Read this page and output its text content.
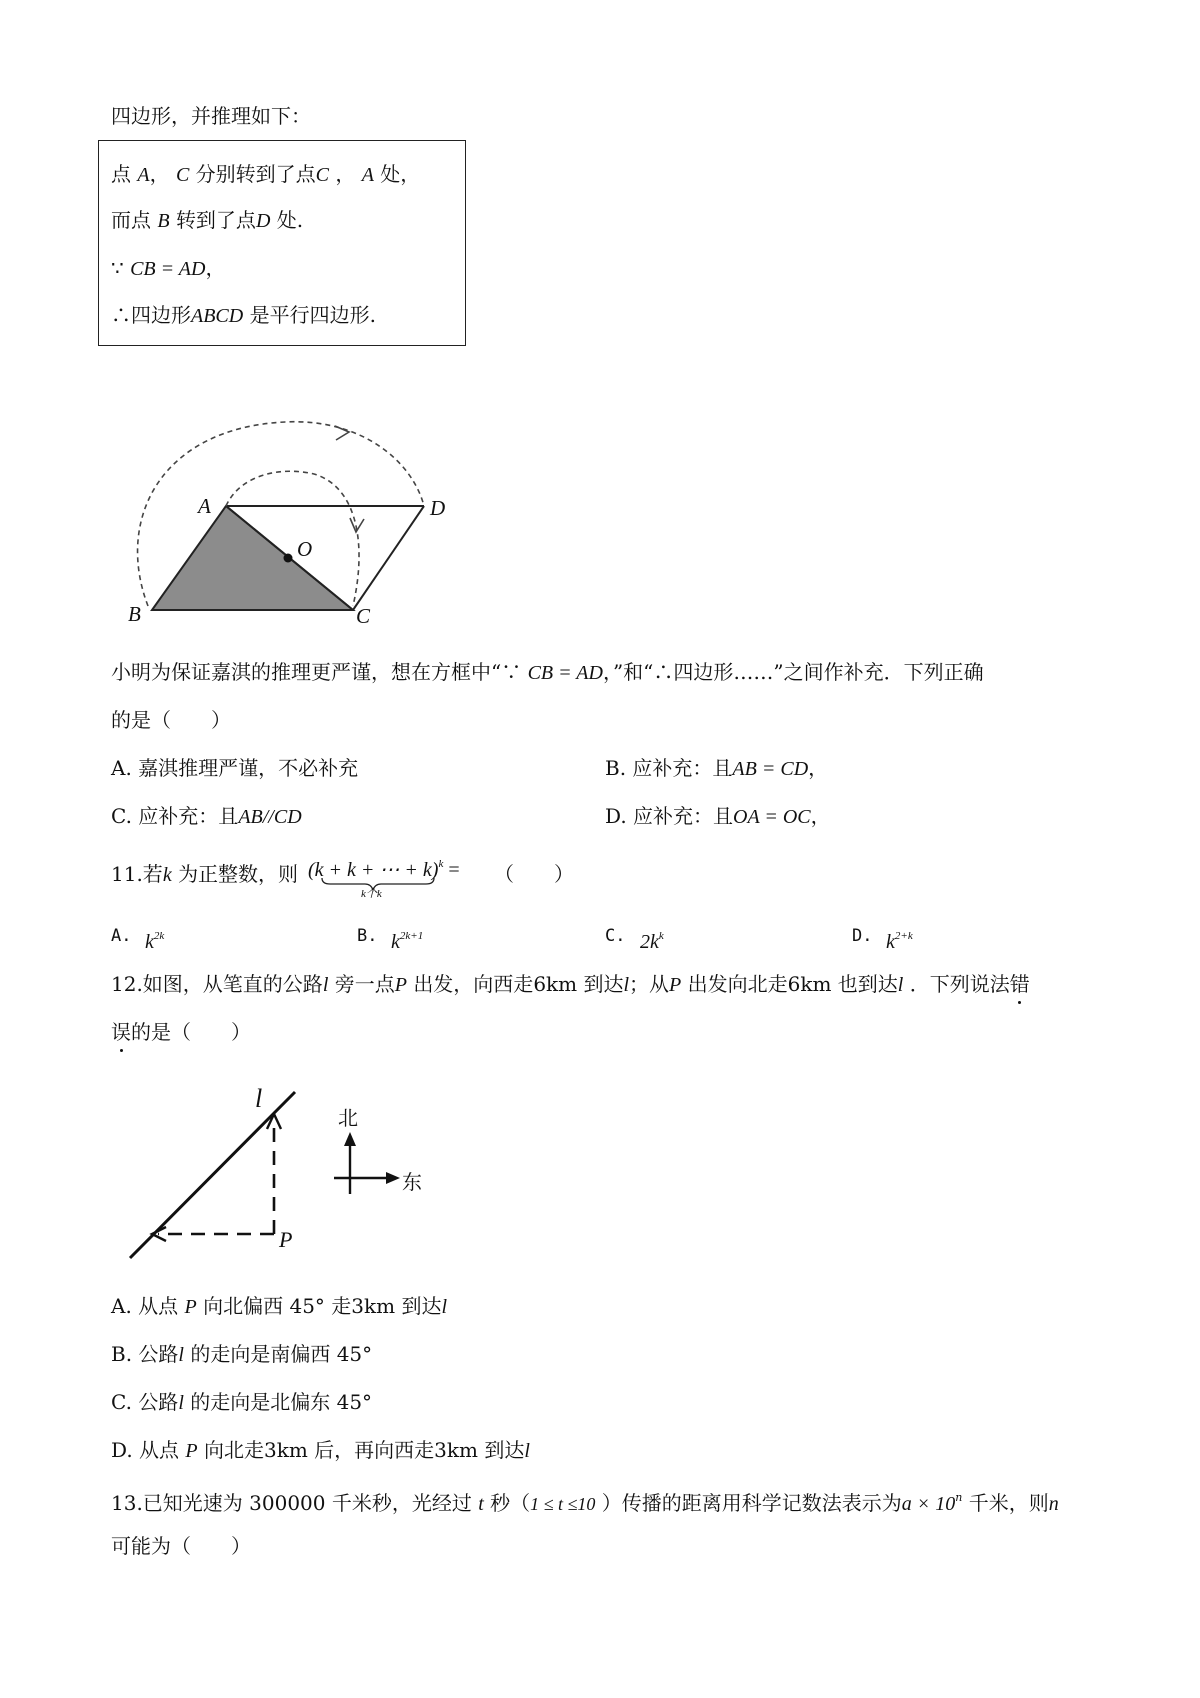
四边形，并推理如下：
点 A， C 分别转到了点C ， A 处，
而点 B 转到了点D 处.
∵ CB = AD，
∴四边形ABCD 是平行四边形.
A	D
O
B	C
小明为保证嘉淇的推理更严谨，想在方框中“∵ CB = AD，”和“∴四边形……”之间作补充．下列正确
的是（　　）
A. 嘉淇推理严谨，不必补充	B. 应补充：且AB = CD，
C. 应补充：且AB//CD	D. 应补充：且OA = OC，
11.若k 为正整数，则 (k + k + ⋯ + k)$^k$ =
k个k
（　　）
A. $k^{2k}$	B. $k^{2k+1}$	C. $2k^k$	D. $k^{2+k}$
12.如图，从笔直的公路l 旁一点P 出发，向西走6km 到达l；从P 出发向北走6km 也到达l ．下列说法错
误的是（　　）
l
P
北
东
A. 从点 P 向北偏西 45° 走3km 到达l
B. 公路l 的走向是南偏西 45°
C. 公路l 的走向是北偏东 45°
D. 从点 P 向北走3km 后，再向西走3km 到达l
13.已知光速为 300000 千米秒，光经过 t 秒（1 ≤ t ≤10 ）传播的距离用科学记数法表示为$a \times 10^n$ 千米，则n
可能为（　　）
